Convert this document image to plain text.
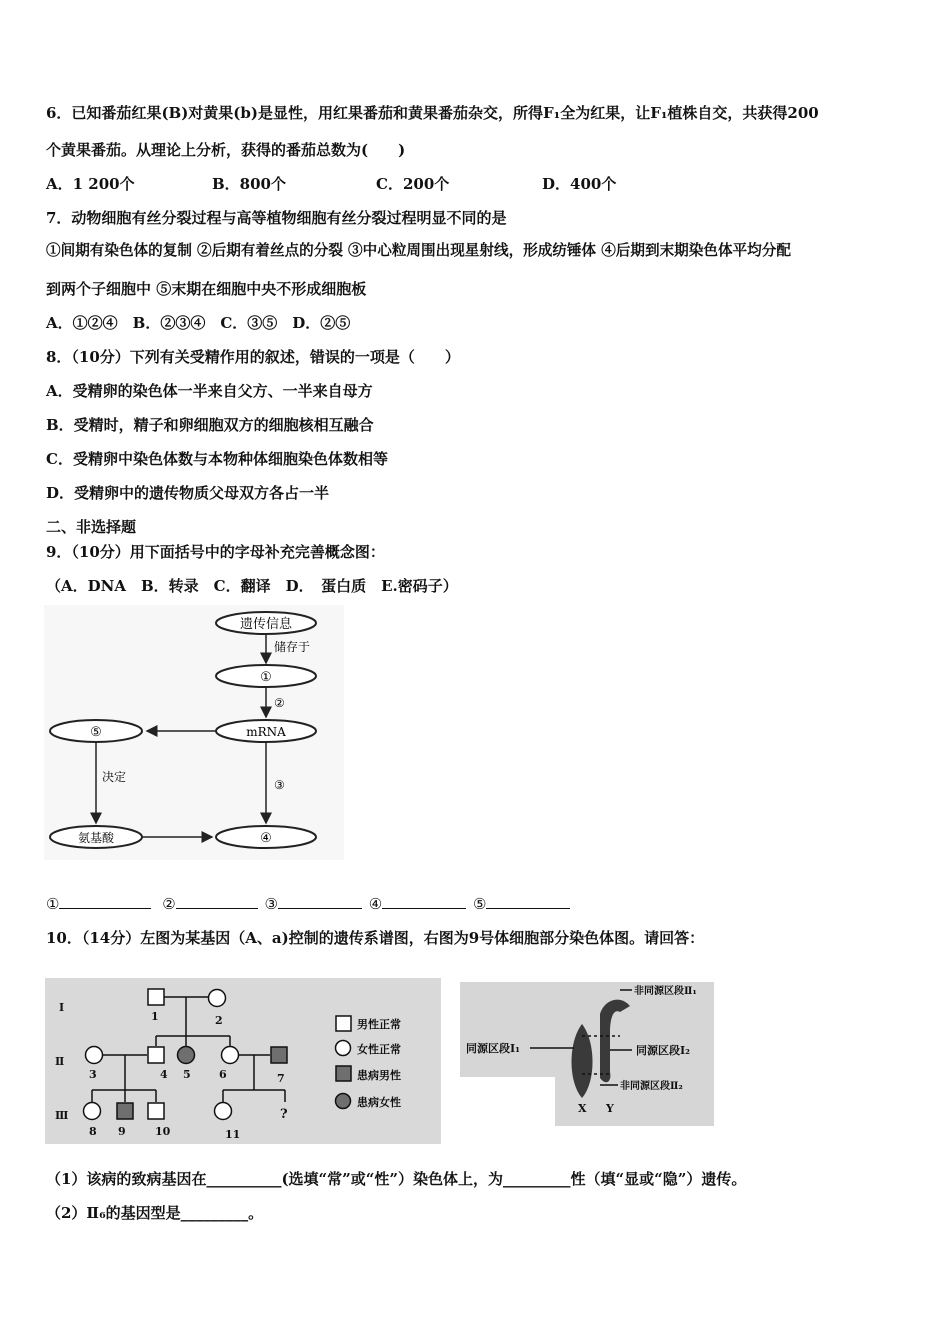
6．已知番茄红果(B)对黄果(b)是显性，用红果番茄和黄果番茄杂交，所得F₁全为红果，让F₁植株自交，共获得200
个黄果番茄。从理论上分析，获得的番茄总数为(　　)
A．1 200个	B．800个	C．200个	D．400个
7．动物细胞有丝分裂过程与高等植物细胞有丝分裂过程明显不同的是
①间期有染色体的复制 ②后期有着丝点的分裂 ③中心粒周围出现星射线，形成纺锤体 ④后期到末期染色体平均分配
到两个子细胞中 ⑤末期在细胞中央不形成细胞板
A．①②④　B．②③④　C．③⑤　D．②⑤
8．（10分）下列有关受精作用的叙述，错误的一项是（　　）
A．受精卵的染色体一半来自父方、一半来自母方
B．受精时，精子和卵细胞双方的细胞核相互融合
C．受精卵中染色体数与本物种体细胞染色体数相等
D．受精卵中的遗传物质父母双方各占一半
二、非选择题
9．（10分）用下面括号中的字母补充完善概念图：
（A．DNA　B．转录　C．翻译　D．　蛋白质　E.密码子）
遗传信息
储存于
①
②
mRNA
⑤
决定
③
氨基酸	④
①	②	③	④	⑤
10．（14分）左图为某基因（A、a)控制的遗传系谱图，右图为9号体细胞部分染色体图。请回答：
Ⅰ
Ⅱ
Ⅲ
1	2
3	4 5	6	7
8 9	10	11
?
男性正常
女性正常
患病男性
患病女性
同源区段Ⅰ₁
非同源区段Ⅱ₁
同源区段Ⅰ₂
非同源区段Ⅱ₂
X Y
（1）该病的致病基因在__________(选填“常”或“性”）染色体上，为_________性（填“显或“隐”）遗传。
（2）Ⅱ₆的基因型是_________。
